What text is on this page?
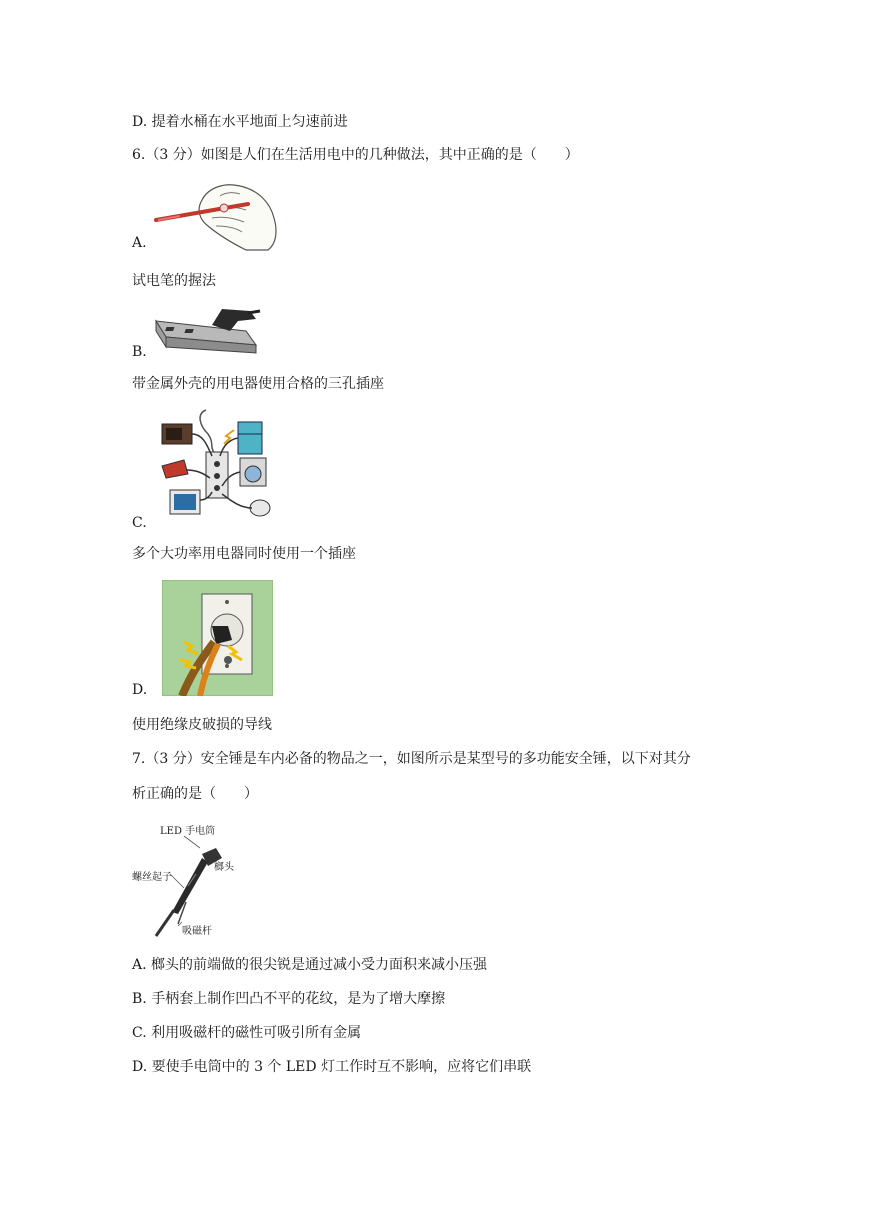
D. 提着水桶在水平地面上匀速前进
6.（3 分）如图是人们在生活用电中的几种做法，其中正确的是（　　）
A.
试电笔的握法
B.
带金属外壳的用电器使用合格的三孔插座
C.
多个大功率用电器同时使用一个插座
D.
使用绝缘皮破损的导线
7.（3 分）安全锤是车内必备的物品之一，如图所示是某型号的多功能安全锤，以下对其分
析正确的是（　　）
LED 手电筒
榔头
螺丝起子
吸磁杆
A. 榔头的前端做的很尖锐是通过减小受力面积来减小压强
B. 手柄套上制作凹凸不平的花纹，是为了增大摩擦
C. 利用吸磁杆的磁性可吸引所有金属
D. 要使手电筒中的 3 个 LED 灯工作时互不影响，应将它们串联
